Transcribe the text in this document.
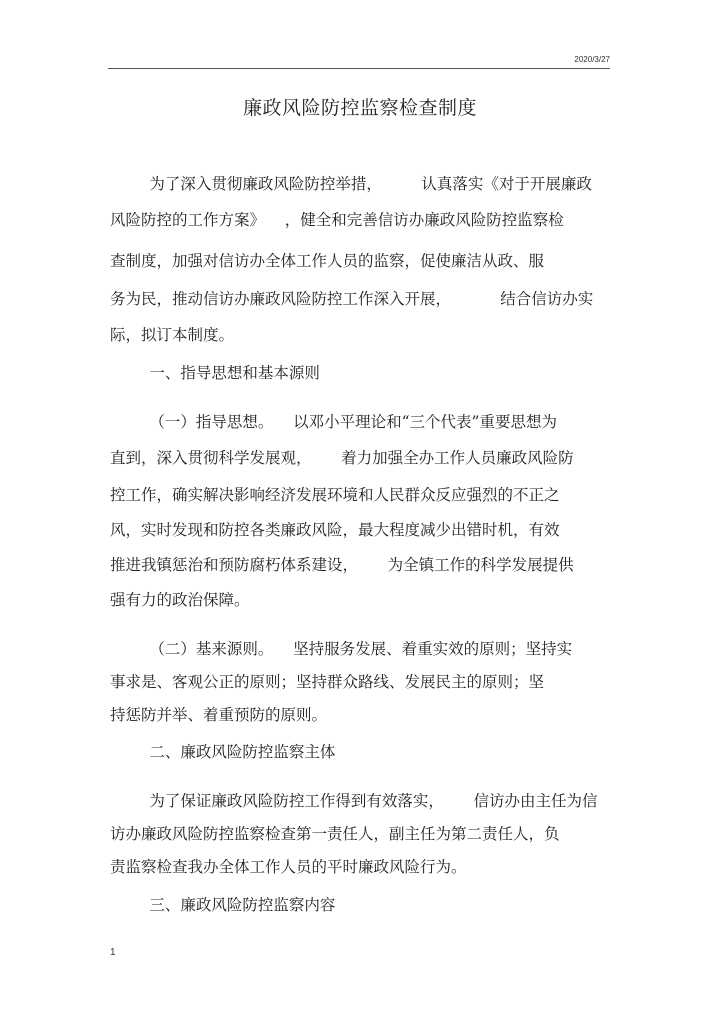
2020/3/27
廉政风险防控监察检查制度
为了深入贯彻廉政风险防控举措，        认真落实《对于开展廉政
风险防控的工作方案》    ，健全和完善信访办廉政风险防控监察检
查制度，加强对信访办全体工作人员的监察，促使廉洁从政、服
务为民，推动信访办廉政风险防控工作深入开展，          结合信访办实
际，拟订本制度。
一、指导思想和基本源则
（一）指导思想。    以邓小平理论和“三个代表”重要思想为
直到，深入贯彻科学发展观，      着力加强全办工作人员廉政风险防
控工作，确实解决影响经济发展环境和人民群众反应强烈的不正之
风，实时发现和防控各类廉政风险，最大程度减少出错时机，有效
推进我镇惩治和预防腐朽体系建设，      为全镇工作的科学发展提供
强有力的政治保障。
（二）基来源则。    坚持服务发展、着重实效的原则；坚持实
事求是、客观公正的原则；坚持群众路线、发展民主的原则；坚
持惩防并举、着重预防的原则。
二、廉政风险防控监察主体
为了保证廉政风险防控工作得到有效落实，      信访办由主任为信
访办廉政风险防控监察检查第一责任人，副主任为第二责任人，负
责监察检查我办全体工作人员的平时廉政风险行为。
三、廉政风险防控监察内容
1
